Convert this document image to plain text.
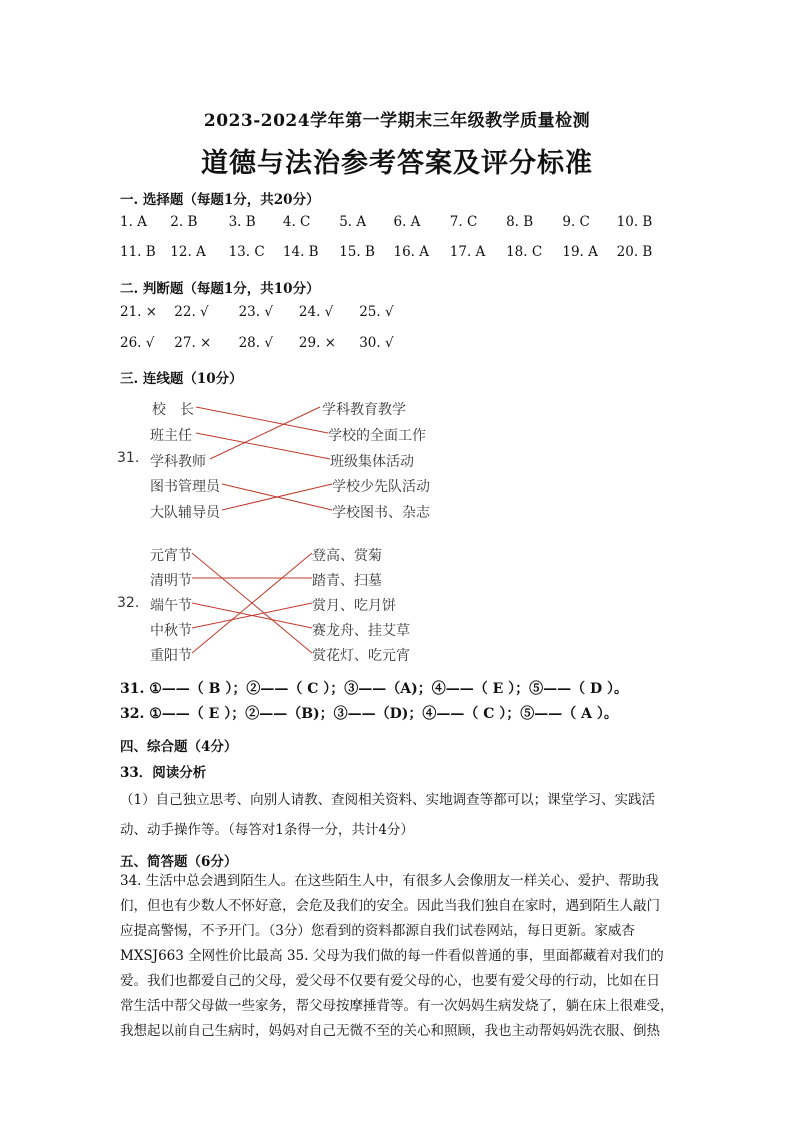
2023-2024学年第一学期末三年级教学质量检测
道德与法治参考答案及评分标准
一. 选择题（每题1分，共20分）
1. A 2. B 3. B 4. C 5. A 6. A 7. C 8. B 9. C 10. B
11. B 12. A 13. C 14. B 15. B 16. A 17. A 18. C 19. A 20. B
二. 判断题（每题1分，共10分）
21. × 22. √ 23. √ 24. √ 25. √
26. √ 27. × 28. √ 29. × 30. √
三. 连线题（10分）
31.
校　长
班主任
学科教师
图书管理员
大队辅导员
学科教育教学
学校的全面工作
班级集体活动
学校少先队活动
学校图书、杂志
32.
元宵节
清明节
端午节
中秋节
重阳节
登高、赏菊
踏青、扫墓
赏月、吃月饼
赛龙舟、挂艾草
赏花灯、吃元宵
31. ①——（ B ）；②——（ C ）；③——（A)；④——（ E ）；⑤——（ D ）。
32. ①——（ E ）；②——（B)；③——（D)；④——（ C ）；⑤——（ A ）。
四、综合题（4分）
33．阅读分析
（1）自己独立思考、向别人请教、查阅相关资料、实地调查等都可以；课堂学习、实践活
动、动手操作等。（每答对1条得一分，共计4分）
五、简答题（6分）

34. 生活中总会遇到陌生人。在这些陌生人中，有很多人会像朋友一样关心、爱护、帮助我

们，但也有少数人不怀好意，会危及我们的安全。因此当我们独自在家时，遇到陌生人敲门

应提高警惕，不予开门。（3分）您看到的资料都源自我们试卷网站，每日更新。家威杏

MXSJ663 全网性价比最高 35. 父母为我们做的每一件看似普通的事，里面都藏着对我们的

爱。我们也都爱自己的父母，爱父母不仅要有爱父母的心，也要有爱父母的行动，比如在日

常生活中帮父母做一些家务，帮父母按摩捶背等。有一次妈妈生病发烧了，躺在床上很难受，

我想起以前自己生病时，妈妈对自己无微不至的关心和照顾，我也主动帮妈妈洗衣服、倒热
